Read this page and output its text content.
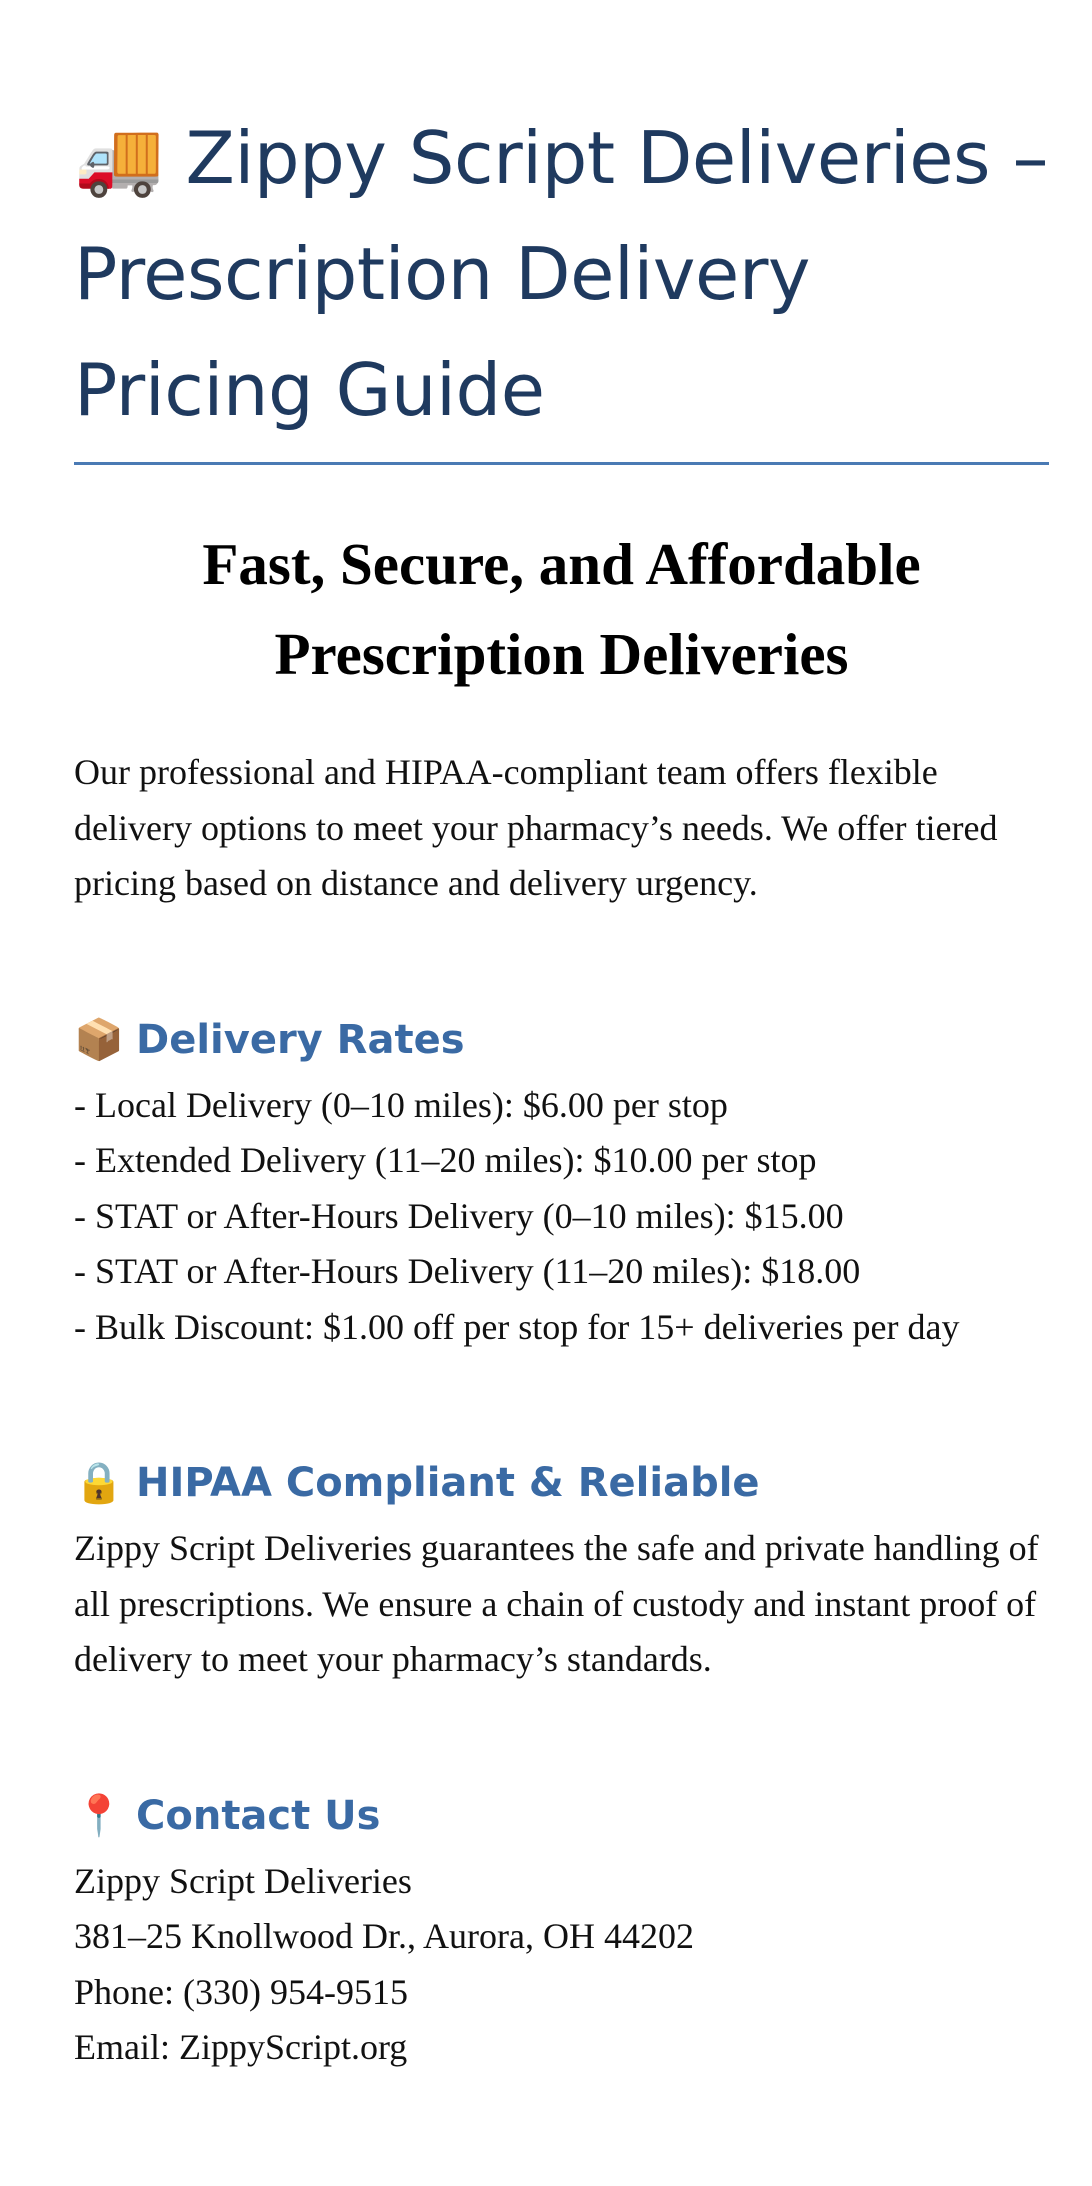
🚚 Zippy Script Deliveries – Prescription Delivery Pricing Guide
Fast, Secure, and Affordable Prescription Deliveries

Our professional and HIPAA-compliant team offers flexible delivery options to meet your pharmacy’s needs. We offer tiered pricing based on distance and delivery urgency.

📦 Delivery Rates
- Local Delivery (0–10 miles): $6.00 per stop
- Extended Delivery (11–20 miles): $10.00 per stop
- STAT or After-Hours Delivery (0–10 miles): $15.00
- STAT or After-Hours Delivery (11–20 miles): $18.00
- Bulk Discount: $1.00 off per stop for 15+ deliveries per day
🔒 HIPAA Compliant & Reliable

Zippy Script Deliveries guarantees the safe and private handling of all prescriptions. We ensure a chain of custody and instant proof of delivery to meet your pharmacy’s standards.

📍 Contact Us
Zippy Script Deliveries
381–25 Knollwood Dr., Aurora, OH 44202
Phone: (330) 954-9515
Email: ZippyScript.org
